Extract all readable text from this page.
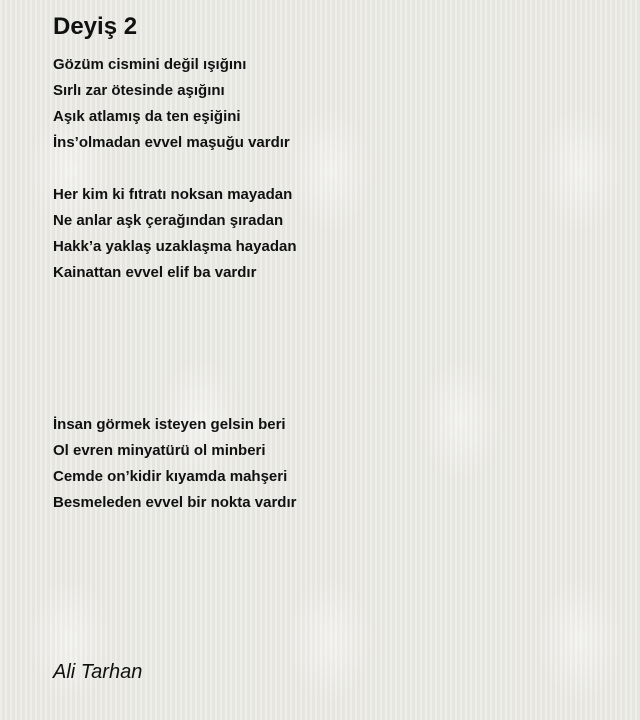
Deyiş 2
Gözüm cismini değil ışığını
Sırlı zar ötesinde aşığını
Aşık atlamış da ten eşiğini
İns’olmadan evvel maşuğu vardır
Her kim ki fıtratı noksan mayadan
Ne anlar aşk çerağından şıradan
Hakk’a yaklaş uzaklaşma hayadan
Kainattan evvel elif ba vardır
İnsan görmek isteyen gelsin beri
Ol evren minyatürü ol minberi
Cemde on’kidir kıyamda mahşeri
Besmeleden evvel bir nokta vardır

Ali Tarhan
